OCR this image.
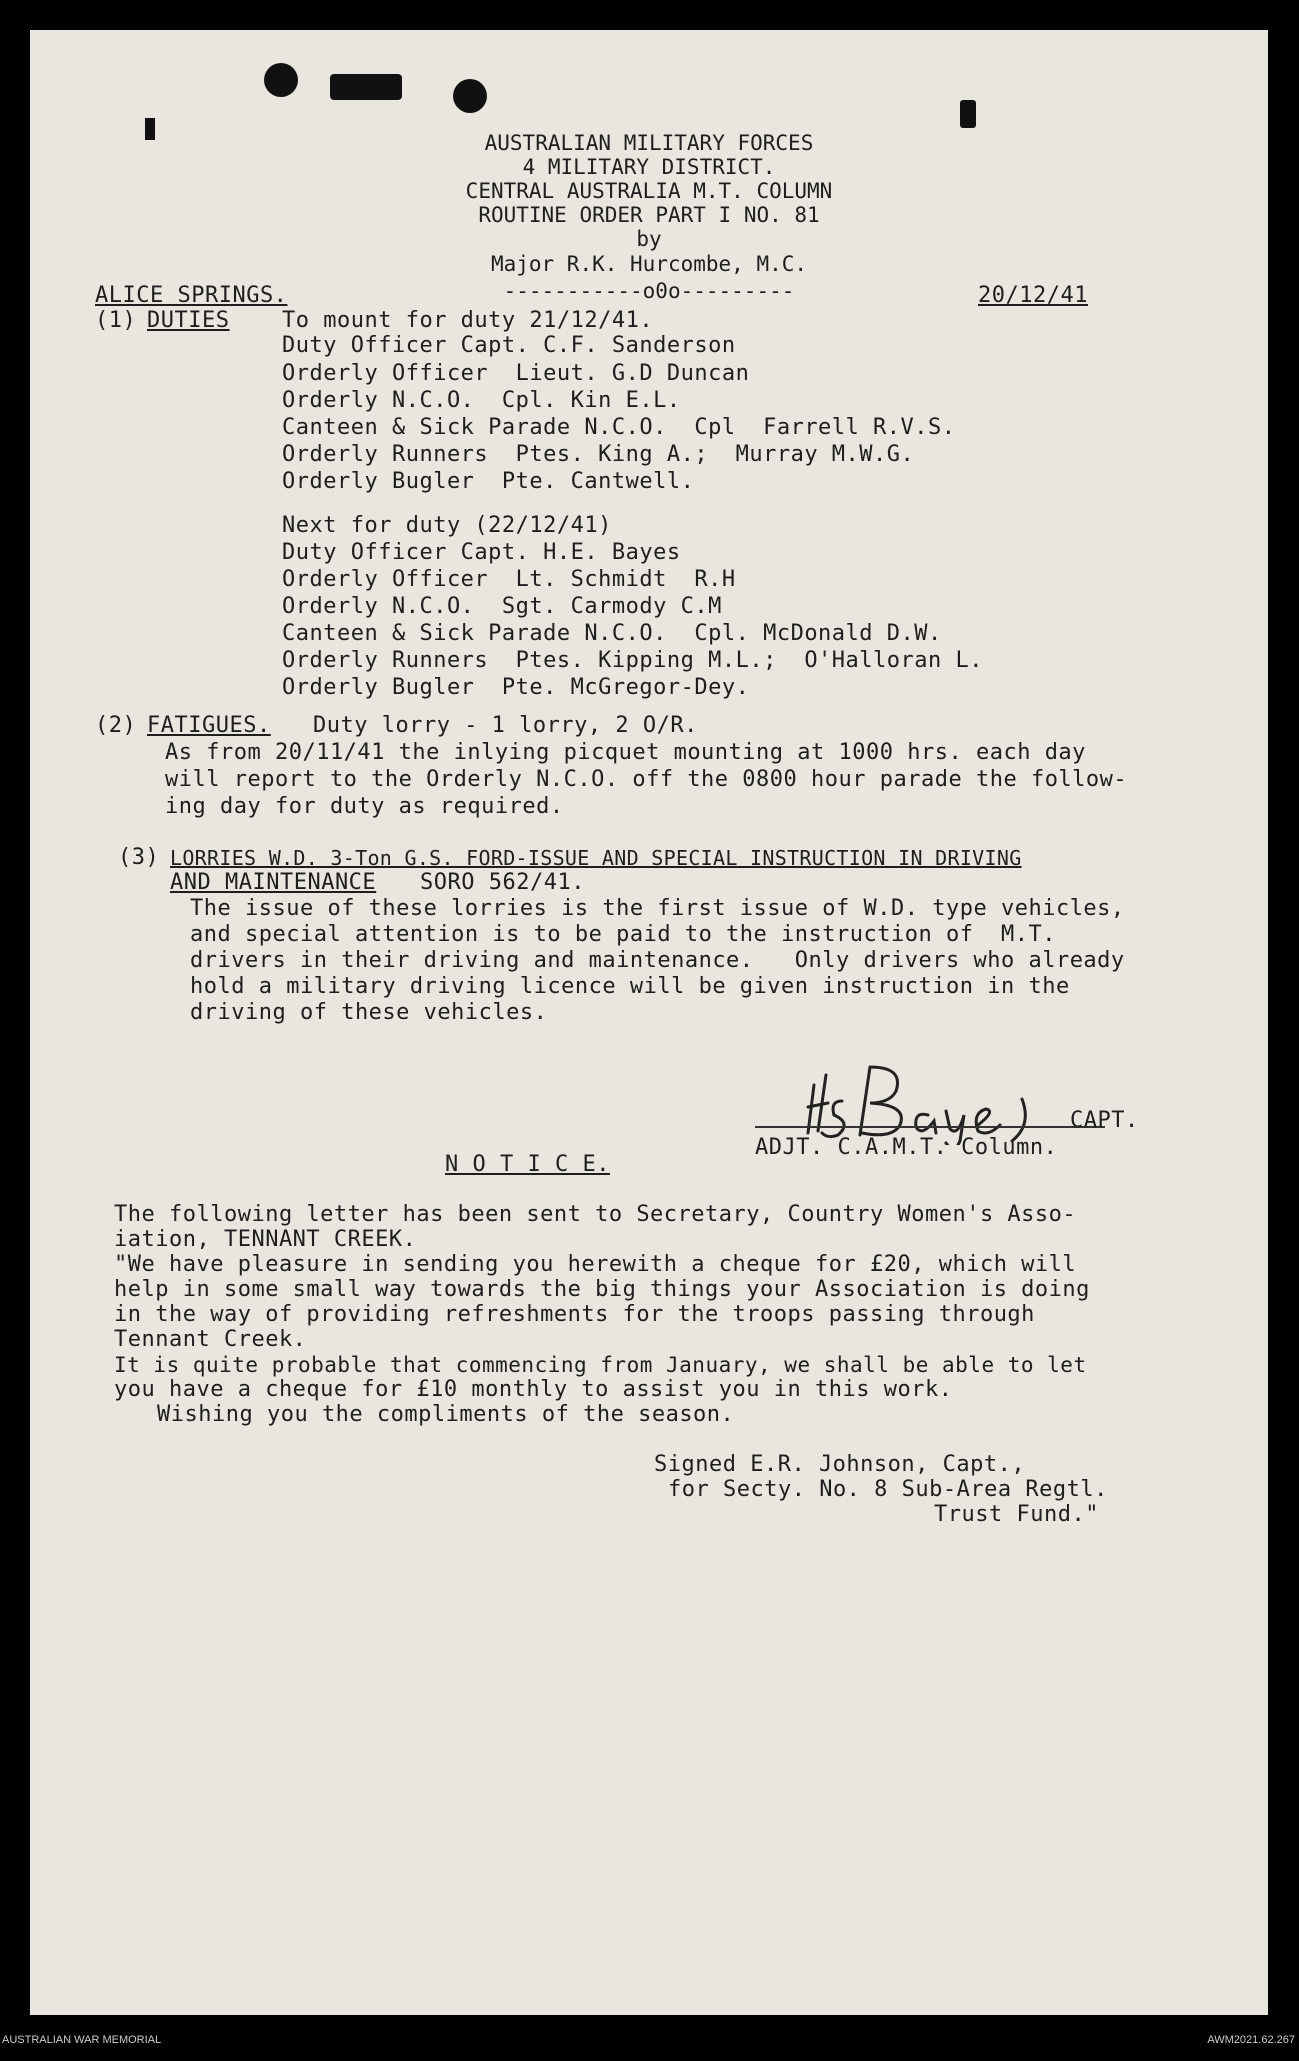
AUSTRALIAN MILITARY FORCES
4 MILITARY DISTRICT.
CENTRAL AUSTRALIA M.T. COLUMN
ROUTINE ORDER PART I NO. 81
by
Major R.K. Hurcombe, M.C.
-----------o0o---------
ALICE SPRINGS.	20/12/41
(1) DUTIES To mount for duty 21/12/41.
Duty Officer Capt. C.F. Sanderson
Orderly Officer  Lieut. G.D Duncan
Orderly N.C.O.  Cpl. Kin E.L.
Canteen & Sick Parade N.C.O.  Cpl  Farrell R.V.S.
Orderly Runners  Ptes. King A.;  Murray M.W.G.
Orderly Bugler  Pte. Cantwell.
Next for duty (22/12/41)
Duty Officer Capt. H.E. Bayes
Orderly Officer  Lt. Schmidt  R.H
Orderly N.C.O.  Sgt. Carmody C.M
Canteen & Sick Parade N.C.O.  Cpl. McDonald D.W.
Orderly Runners  Ptes. Kipping M.L.;  O'Halloran L.
Orderly Bugler  Pte. McGregor-Dey.
(2) FATIGUES. Duty lorry - 1 lorry, 2 O/R.
As from 20/11/41 the inlying picquet mounting at 1000 hrs. each day
will report to the Orderly N.C.O. off the 0800 hour parade the follow-
ing day for duty as required.
(3) LORRIES W.D. 3-Ton G.S. FORD-ISSUE AND SPECIAL INSTRUCTION IN DRIVING
AND MAINTENANCE SORO 562/41.
The issue of these lorries is the first issue of W.D. type vehicles,
and special attention is to be paid to the instruction of  M.T.
drivers in their driving and maintenance.   Only drivers who already
hold a military driving licence will be given instruction in the
driving of these vehicles.
CAPT.
ADJT. C.A.M.T. Column.
N O T I C E.
The following letter has been sent to Secretary, Country Women's Asso-
iation, TENNANT CREEK.
"We have pleasure in sending you herewith a cheque for £20, which will
help in some small way towards the big things your Association is doing
in the way of providing refreshments for the troops passing through
Tennant Creek.
It is quite probable that commencing from January, we shall be able to let
you have a cheque for £10 monthly to assist you in this work.
Wishing you the compliments of the season.
Signed E.R. Johnson, Capt.,
for Secty. No. 8 Sub-Area Regtl.
Trust Fund."
AUSTRALIAN WAR MEMORIAL	AWM2021.62.267
